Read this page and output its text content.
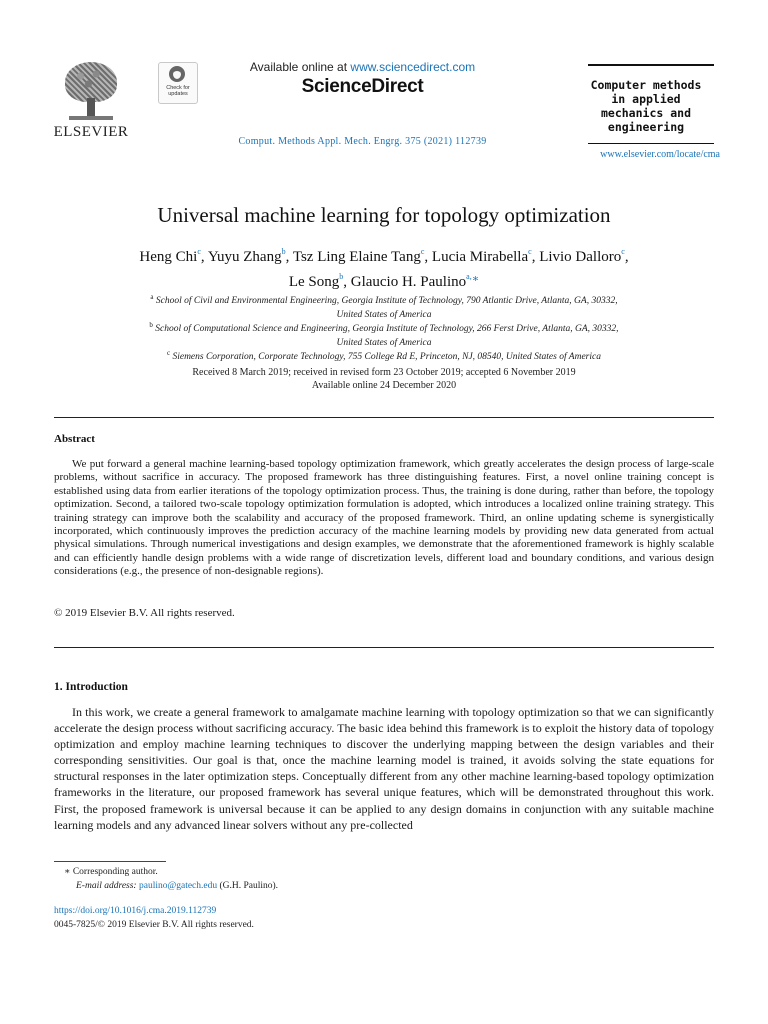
ELSEVIER
Check for updates
Available online at www.sciencedirect.com
ScienceDirect
Comput. Methods Appl. Mech. Engrg. 375 (2021) 112739
Computer methods in applied mechanics and engineering
www.elsevier.com/locate/cma
Universal machine learning for topology optimization
Heng Chi$^c$, Yuyu Zhang$^b$, Tsz Ling Elaine Tang$^c$, Lucia Mirabella$^c$, Livio Dalloro$^c$,
Le Song$^b$, Glaucio H. Paulino$^{a,∗}$
$^a$ School of Civil and Environmental Engineering, Georgia Institute of Technology, 790 Atlantic Drive, Atlanta, GA, 30332,
United States of America
$^b$ School of Computational Science and Engineering, Georgia Institute of Technology, 266 Ferst Drive, Atlanta, GA, 30332,
United States of America
$^c$ Siemens Corporation, Corporate Technology, 755 College Rd E, Princeton, NJ, 08540, United States of America
Received 8 March 2019; received in revised form 23 October 2019; accepted 6 November 2019
Available online 24 December 2020
Abstract
We put forward a general machine learning-based topology optimization framework, which greatly accelerates the design process of large-scale problems, without sacrifice in accuracy. The proposed framework has three distinguishing features. First, a novel online training concept is established using data from earlier iterations of the topology optimization process. Thus, the training is done during, rather than before, the topology optimization. Second, a tailored two-scale topology optimization formulation is adopted, which introduces a localized online training strategy. This training strategy can improve both the scalability and accuracy of the proposed framework. Third, an online updating scheme is synergistically incorporated, which continuously improves the prediction accuracy of the machine learning models by providing new data generated from actual physical simulations. Through numerical investigations and design examples, we demonstrate that the aforementioned framework is highly scalable and can efficiently handle design problems with a wide range of discretization levels, different load and boundary conditions, and various design considerations (e.g., the presence of non-designable regions).
© 2019 Elsevier B.V. All rights reserved.
1. Introduction
In this work, we create a general framework to amalgamate machine learning with topology optimization so that we can significantly accelerate the design process without sacrificing accuracy. The basic idea behind this framework is to exploit the history data of topology optimization and employ machine learning techniques to discover the underlying mapping between the design variables and their corresponding sensitivities. Our goal is that, once the machine learning model is trained, it avoids solving the state equations for structural responses in the later optimization steps. Conceptually different from any other machine learning-based topology optimization frameworks in the literature, our proposed framework has several unique features, which will be demonstrated throughout this work. First, the proposed framework is universal because it can be applied to any design domains in conjunction with any suitable machine learning models and any advanced linear solvers without any pre-collected
∗ Corresponding author.
E-mail address: paulino@gatech.edu (G.H. Paulino).
https://doi.org/10.1016/j.cma.2019.112739
0045-7825/© 2019 Elsevier B.V. All rights reserved.
